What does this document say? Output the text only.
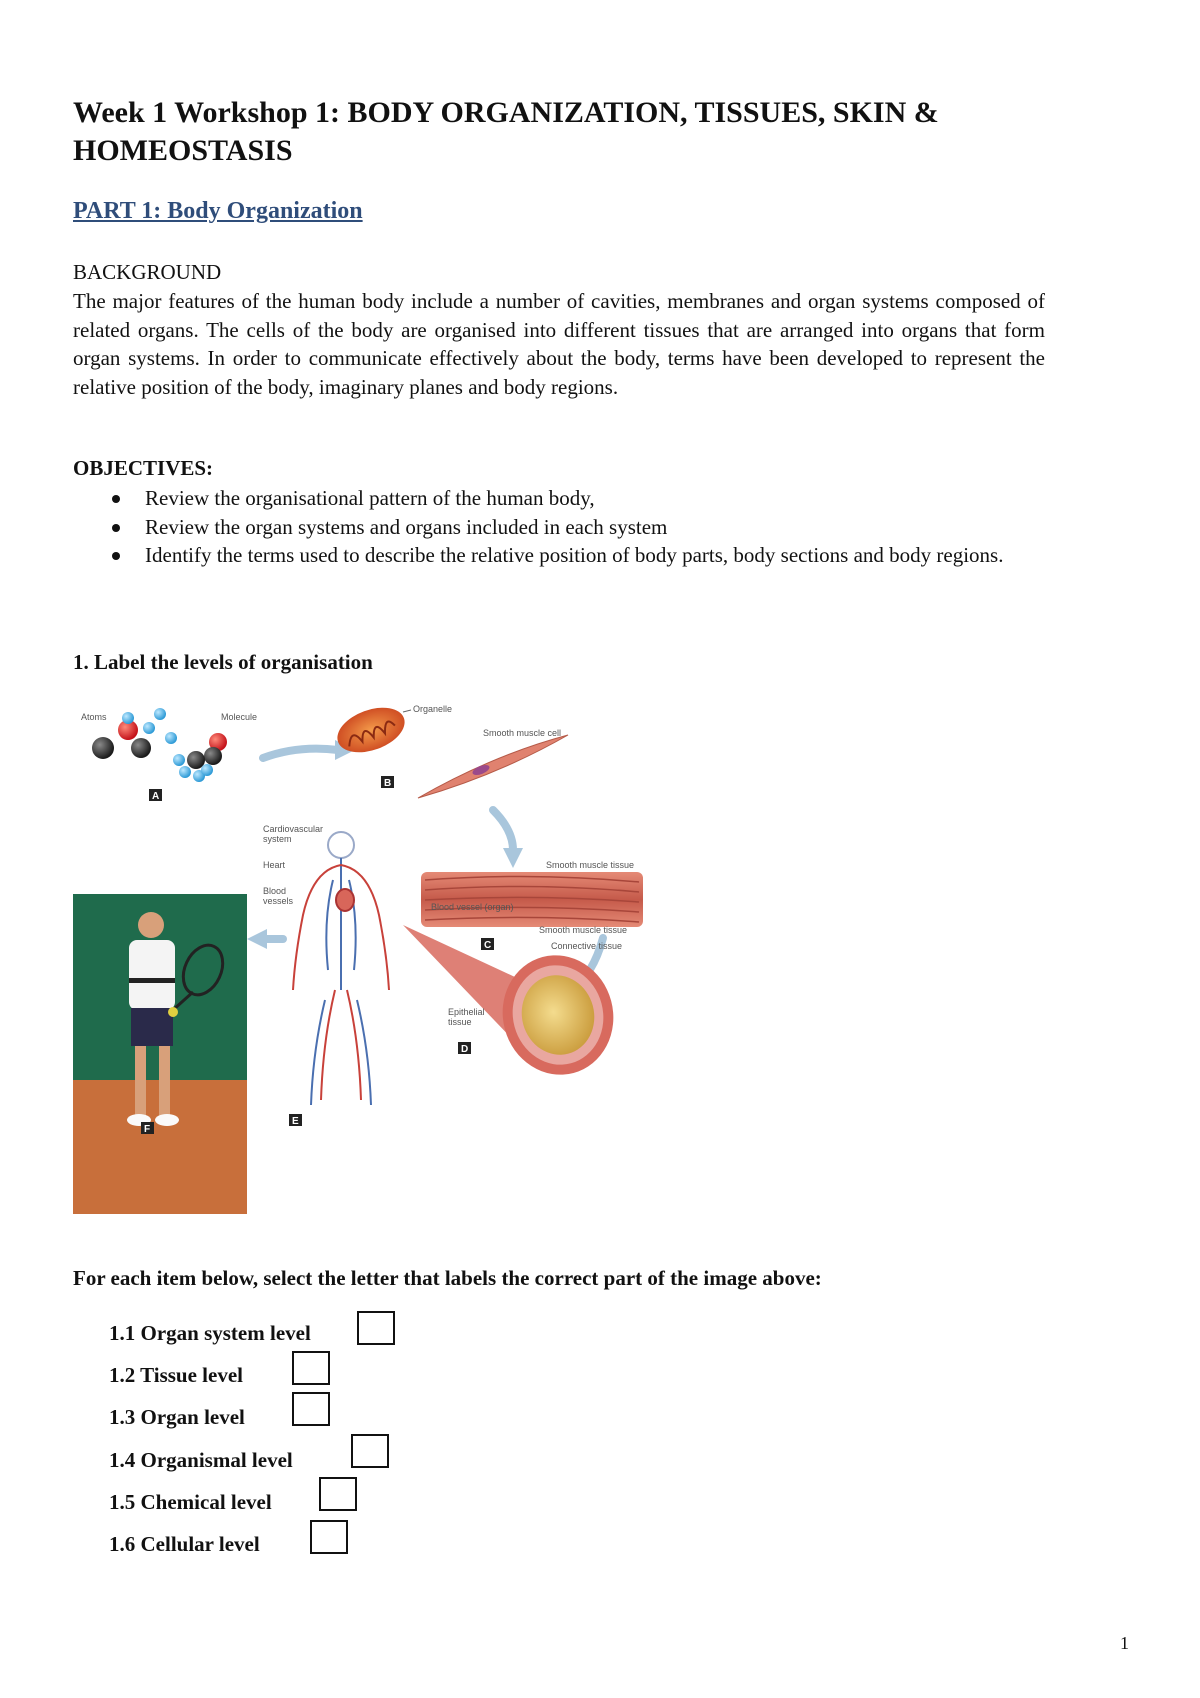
Week 1 Workshop 1: BODY ORGANIZATION, TISSUES, SKIN & HOMEOSTASIS
PART 1: Body Organization
BACKGROUND
The major features of the human body include a number of cavities, membranes and organ systems composed of related organs. The cells of the body are organised into different tissues that are arranged into organs that form organ systems. In order to communicate effectively about the body, terms have been developed to represent the relative position of the body, imaginary planes and body regions.
OBJECTIVES:
Review the organisational pattern of the human body,
Review the organ systems and organs included in each system
Identify the terms used to describe the relative position of body parts, body sections and body regions.
1. Label the levels of organisation
Atoms	Molecule
A
Organelle
Smooth muscle cell
B
Smooth muscle tissue
C
F
Cardiovascular
system
Heart
Blood
vessels
E
Blood vessel (organ)
Smooth muscle tissue
Connective tissue
Epithelial
tissue
D
For each item below, select the letter that labels the correct part of the image above:
1.1 Organ system level
1.2 Tissue level
1.3 Organ level
1.4 Organismal level
1.5 Chemical level
1.6 Cellular level
1
